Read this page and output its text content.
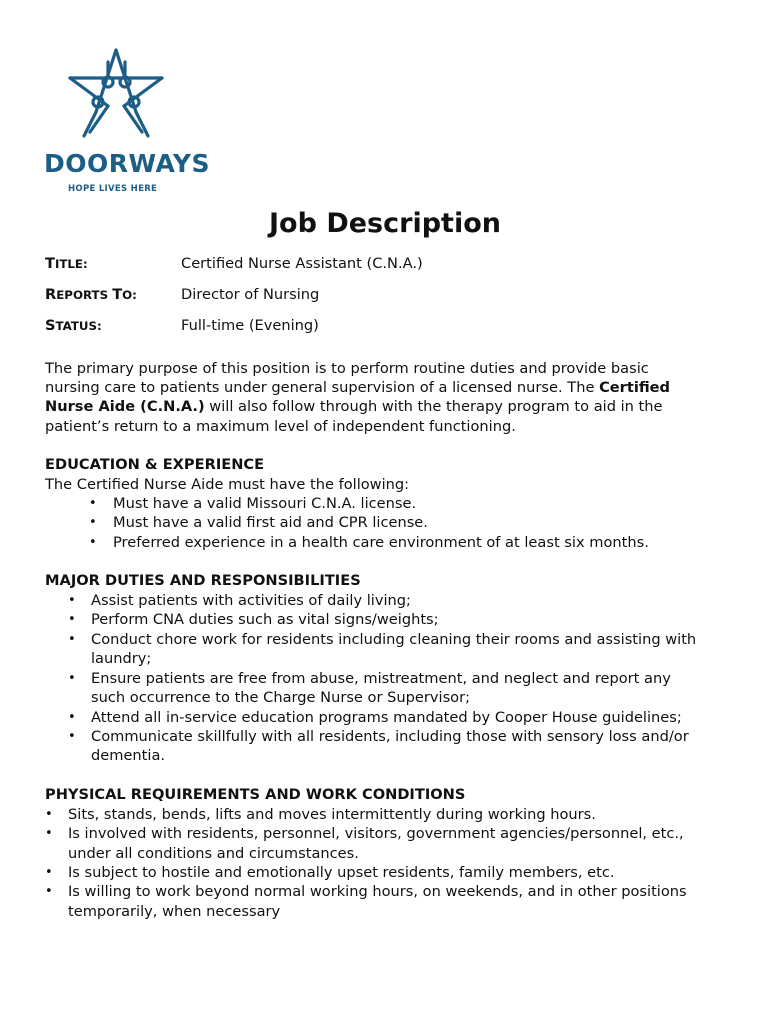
DOORWAYS
HOPE LIVES HERE
Job Description
TITLE:	Certified Nurse Assistant (C.N.A.)
REPORTS TO:	Director of Nursing
STATUS:	Full-time (Evening)
The primary purpose of this position is to perform routine duties and provide basic
nursing care to patients under general supervision of a licensed nurse. The Certified
Nurse Aide (C.N.A.) will also follow through with the therapy program to aid in the
patient’s return to a maximum level of independent functioning.
EDUCATION & EXPERIENCE
The Certified Nurse Aide must have the following:
• Must have a valid Missouri C.N.A. license.
• Must have a valid first aid and CPR license.
• Preferred experience in a health care environment of at least six months.
MAJOR DUTIES AND RESPONSIBILITIES
• Assist patients with activities of daily living;
• Perform CNA duties such as vital signs/weights;
• Conduct chore work for residents including cleaning their rooms and assisting with
laundry;
• Ensure patients are free from abuse, mistreatment, and neglect and report any
such occurrence to the Charge Nurse or Supervisor;
• Attend all in-service education programs mandated by Cooper House guidelines;
• Communicate skillfully with all residents, including those with sensory loss and/or
dementia.
PHYSICAL REQUIREMENTS AND WORK CONDITIONS
• Sits, stands, bends, lifts and moves intermittently during working hours.
• Is involved with residents, personnel, visitors, government agencies/personnel, etc.,
under all conditions and circumstances.
• Is subject to hostile and emotionally upset residents, family members, etc.
• Is willing to work beyond normal working hours, on weekends, and in other positions
temporarily, when necessary
